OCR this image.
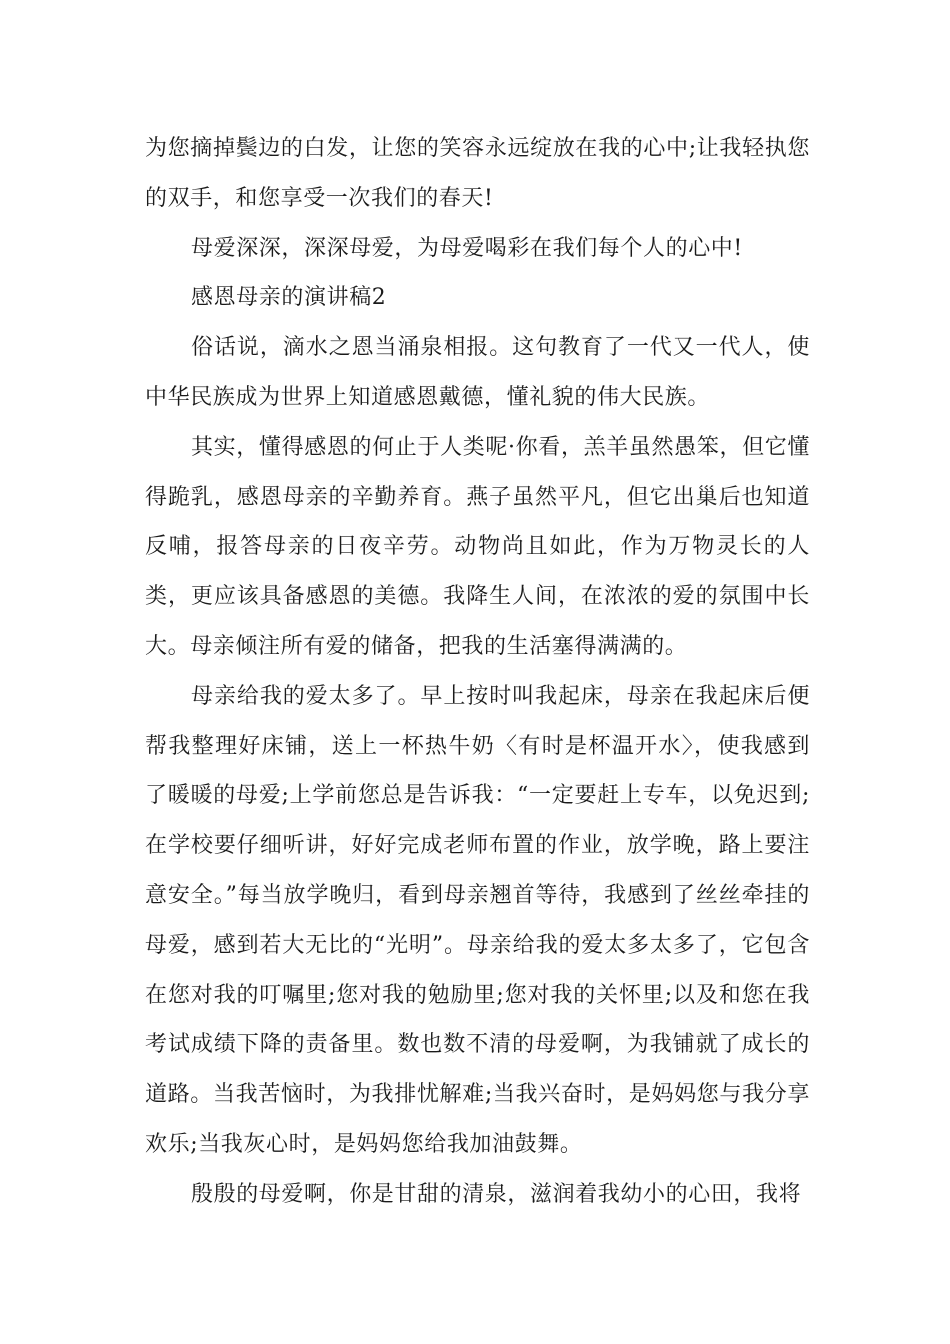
为您摘掉鬓边的白发，让您的笑容永远绽放在我的心中;让我轻执您的双手，和您享受一次我们的春天!

母爱深深，深深母爱，为母爱喝彩在我们每个人的心中!

感恩母亲的演讲稿2

俗话说，滴水之恩当涌泉相报。这句教育了一代又一代人，使中华民族成为世界上知道感恩戴德，懂礼貌的伟大民族。

其实，懂得感恩的何止于人类呢·你看，羔羊虽然愚笨，但它懂得跪乳，感恩母亲的辛勤养育。燕子虽然平凡，但它出巢后也知道反哺，报答母亲的日夜辛劳。动物尚且如此，作为万物灵长的人类，更应该具备感恩的美德。我降生人间，在浓浓的爱的氛围中长大。母亲倾注所有爱的储备，把我的生活塞得满满的。

母亲给我的爱太多了。早上按时叫我起床，母亲在我起床后便帮我整理好床铺，送上一杯热牛奶〈有时是杯温开水〉，使我感到了暖暖的母爱;上学前您总是告诉我：“一定要赶上专车，以免迟到;在学校要仔细听讲，好好完成老师布置的作业，放学晚，路上要注意安全。”每当放学晚归，看到母亲翘首等待，我感到了丝丝牵挂的母爱，感到若大无比的“光明”。母亲给我的爱太多太多了，它包含在您对我的叮嘱里;您对我的勉励里;您对我的关怀里;以及和您在我考试成绩下降的责备里。数也数不清的母爱啊，为我铺就了成长的道路。当我苦恼时，为我排忧解难;当我兴奋时，是妈妈您与我分享欢乐;当我灰心时，是妈妈您给我加油鼓舞。

殷殷的母爱啊，你是甘甜的清泉，滋润着我幼小的心田，我将
